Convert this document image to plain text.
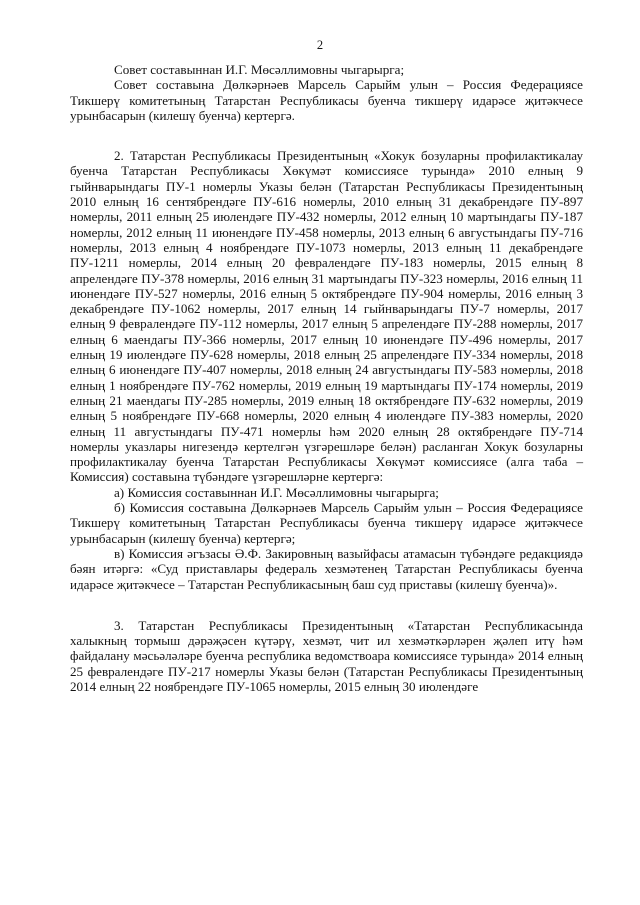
2

Совет составыннан И.Г. Мөсәллимовны чыгарырга;

Совет составына Дөлкәрнәев Марсель Сарыйм улын – Россия Федерациясе Тикшерү комитетының Татарстан Республикасы буенча тикшерү идарәсе җитәкчесе урынбасарын (килешү буенча) кертергә.

2. Татарстан Республикасы Президентының «Хокук бозуларны профилактикалау буенча Татарстан Республикасы Хөкүмәт комиссиясе турында» 2010 елның 9 гыйнварындагы ПУ-1 номерлы Указы белән (Татарстан Республикасы Президентының 2010 елның 16 сентябрендәге ПУ-616 номерлы, 2010 елның 31 декабрендәге ПУ-897 номерлы, 2011 елның 25 июлендәге ПУ-432 номерлы, 2012 елның 10 мартындагы ПУ-187 номерлы, 2012 елның 11 июнендәге ПУ-458 номерлы, 2013 елның 6 августындагы ПУ-716 номерлы, 2013 елның 4 ноябрендәге ПУ-1073 номерлы, 2013 елның 11 декабрендәге ПУ-1211 номерлы, 2014 елның 20 февралендәге ПУ-183 номерлы, 2015 елның 8 апрелендәге ПУ-378 номерлы, 2016 елның 31 мартындагы ПУ-323 номерлы, 2016 елның 11 июнендәге ПУ-527 номерлы, 2016 елның 5 октябрендәге ПУ-904 номерлы, 2016 елның 3 декабрендәге ПУ-1062 номерлы, 2017 елның 14 гыйнварындагы ПУ-7 номерлы, 2017 елның 9 февралендәге ПУ-112 номерлы, 2017 елның 5 апрелендәге ПУ-288 номерлы, 2017 елның 6 маендагы ПУ-366 номерлы, 2017 елның 10 июнендәге ПУ-496 номерлы, 2017 елның 19 июлендәге ПУ-628 номерлы, 2018 елның 25 апрелендәге ПУ-334 номерлы, 2018 елның 6 июнендәге ПУ-407 номерлы, 2018 елның 24 августындагы ПУ-583 номерлы, 2018 елның 1 ноябрендәге ПУ-762 номерлы, 2019 елның 19 мартындагы ПУ-174 номерлы, 2019 елның 21 маендагы ПУ-285 номерлы, 2019 елның 18 октябрендәге ПУ-632 номерлы, 2019 елның 5 ноябрендәге ПУ-668 номерлы, 2020 елның 4 июлендәге ПУ-383 номерлы, 2020 елның 11 августындагы ПУ-471 номерлы һәм 2020 елның 28 октябрендәге ПУ-714 номерлы указлары нигезендә кертелгән үзгәрешләре белән) расланган Хокук бозуларны профилактикалау буенча Татарстан Республикасы Хөкүмәт комиссиясе (алга таба – Комиссия) составына түбәндәге үзгәрешләрне кертергә:

а) Комиссия составыннан И.Г. Мөсәллимовны чыгарырга;

б) Комиссия составына Дөлкәрнәев Марсель Сарыйм улын – Россия Федерациясе Тикшерү комитетының Татарстан Республикасы буенча тикшерү идарәсе җитәкчесе урынбасарын (килешү буенча) кертергә;

в) Комиссия әгъзасы Ә.Ф. Закировның вазыйфасы атамасын түбәндәге редакциядә бәян итәргә: «Суд приставлары федераль хезмәтенең Татарстан Республикасы буенча идарәсе җитәкчесе – Татарстан Республикасының баш суд приставы (килешү буенча)».

3. Татарстан Республикасы Президентының «Татарстан Республикасында халыкның тормыш дәрәҗәсен күтәрү, хезмәт, чит ил хезмәткәрләрен җәлеп итү һәм файдалану мәсьәләләре буенча республика ведомствоара комиссиясе турында» 2014 елның 25 февралендәге ПУ-217 номерлы Указы белән (Татарстан Республикасы Президентының 2014 елның 22 ноябрендәге ПУ-1065 номерлы, 2015 елның 30 июлендәге
